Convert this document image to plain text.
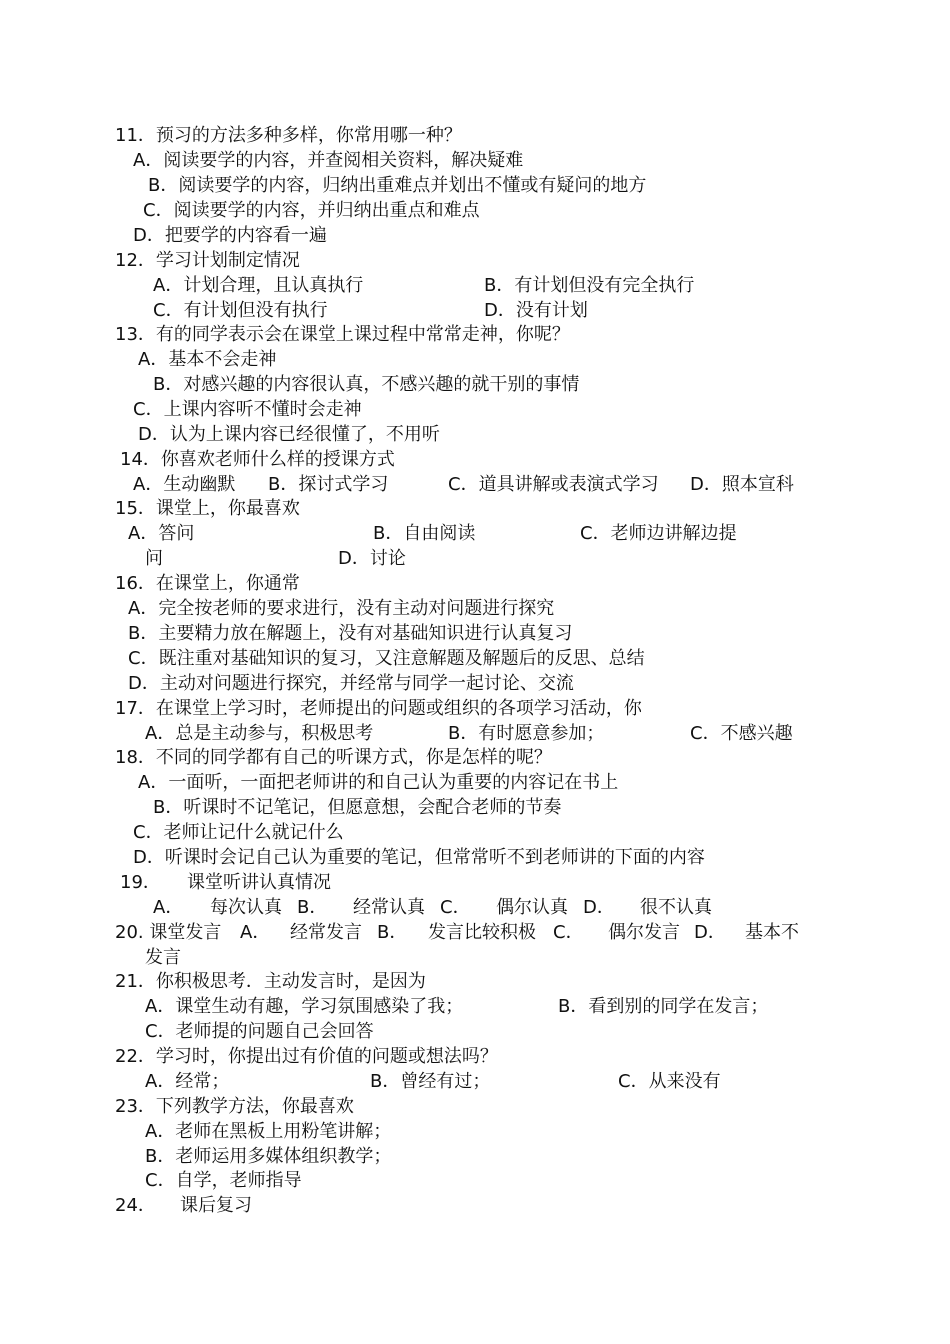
11．预习的方法多种多样，你常用哪一种？
A．阅读要学的内容，并查阅相关资料，解决疑难
B．阅读要学的内容，归纳出重难点并划出不懂或有疑问的地方
C．阅读要学的内容，并归纳出重点和难点
D．把要学的内容看一遍
12．学习计划制定情况
A．计划合理，且认真执行	B．有计划但没有完全执行
C．有计划但没有执行	D．没有计划
13．有的同学表示会在课堂上课过程中常常走神，你呢？
A．基本不会走神
B．对感兴趣的内容很认真，不感兴趣的就干别的事情
C．上课内容听不懂时会走神
D．认为上课内容已经很懂了，不用听
14．你喜欢老师什么样的授课方式
A．生动幽默 B．探讨式学习	C．道具讲解或表演式学习 D．照本宣科
15．课堂上，你最喜欢
A．答问	B．自由阅读	C．老师边讲解边提
问	D．讨论
16．在课堂上，你通常
A．完全按老师的要求进行，没有主动对问题进行探究
B．主要精力放在解题上，没有对基础知识进行认真复习
C．既注重对基础知识的复习，又注意解题及解题后的反思、总结
D．主动对问题进行探究，并经常与同学一起讨论、交流
17．在课堂上学习时，老师提出的问题或组织的各项学习活动，你
A．总是主动参与，积极思考	B．有时愿意参加；	C．不感兴趣
18．不同的同学都有自己的听课方式，你是怎样的呢？
A．一面听，一面把老师讲的和自己认为重要的内容记在书上
B．听课时不记笔记，但愿意想，会配合老师的节奏
C．老师让记什么就记什么
D．听课时会记自己认为重要的笔记，但常常听不到老师讲的下面的内容
19． 课堂听讲认真情况
A． 每次认真 B． 经常认真 C． 偶尔认真 D． 很不认真
20. 课堂发言 A． 经常发言 B． 发言比较积极 C． 偶尔发言 D． 基本不
发言
21．你积极思考．主动发言时，是因为
A．课堂生动有趣，学习氛围感染了我；	B．看到别的同学在发言；
C．老师提的问题自己会回答
22．学习时，你提出过有价值的问题或想法吗？
A．经常；	B．曾经有过；	C．从来没有
23．下列教学方法，你最喜欢
A．老师在黑板上用粉笔讲解；
B．老师运用多媒体组织教学；
C．自学，老师指导
24． 课后复习
